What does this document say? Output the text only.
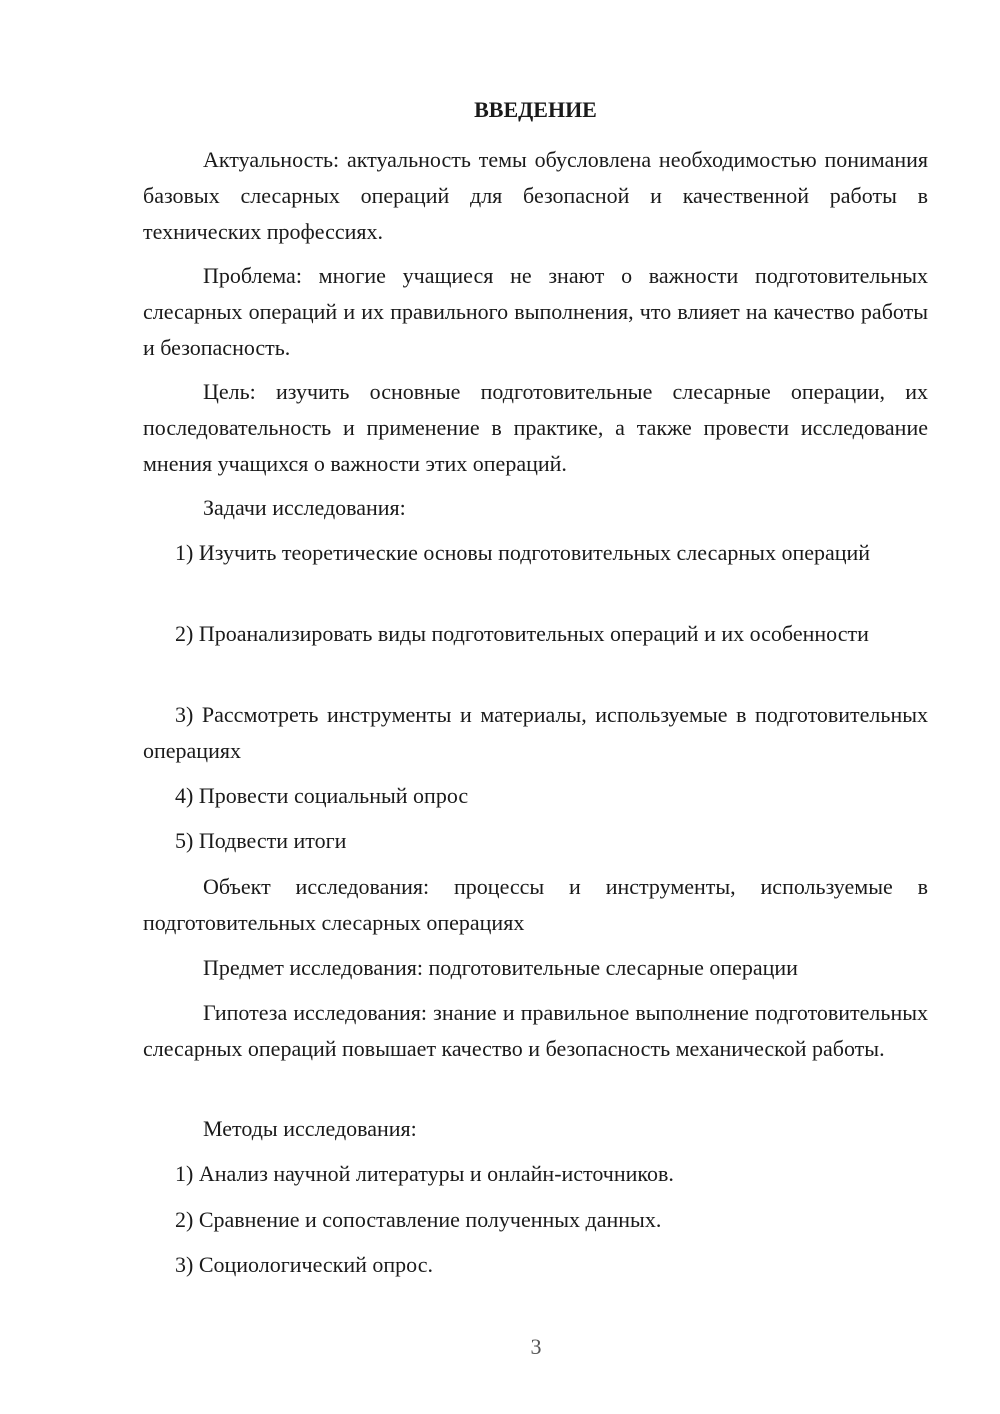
ВВЕДЕНИЕ

Актуальность: актуальность темы обусловлена необходимостью понимания базовых слесарных операций для безопасной и качественной работы в технических профессиях.

Проблема: многие учащиеся не знают о важности подготовительных слесарных операций и их правильного выполнения, что влияет на качество работы и безопасность.

Цель: изучить основные подготовительные слесарные операции, их последовательность и применение в практике, а также провести исследование мнения учащихся о важности этих операций.

Задачи исследования:

1) Изучить теоретические основы подготовительных слесарных операций

2) Проанализировать виды подготовительных операций и их особенности

3) Рассмотреть инструменты и материалы, используемые в подготовительных операциях

4) Провести социальный опрос

5) Подвести итоги

Объект исследования: процессы и инструменты, используемые в подготовительных слесарных операциях

Предмет исследования: подготовительные слесарные операции

Гипотеза исследования: знание и правильное выполнение подготовительных слесарных операций повышает качество и безопасность механической работы.

Методы исследования:

1) Анализ научной литературы и онлайн-источников.

2) Сравнение и сопоставление полученных данных.

3) Социологический опрос.

3
